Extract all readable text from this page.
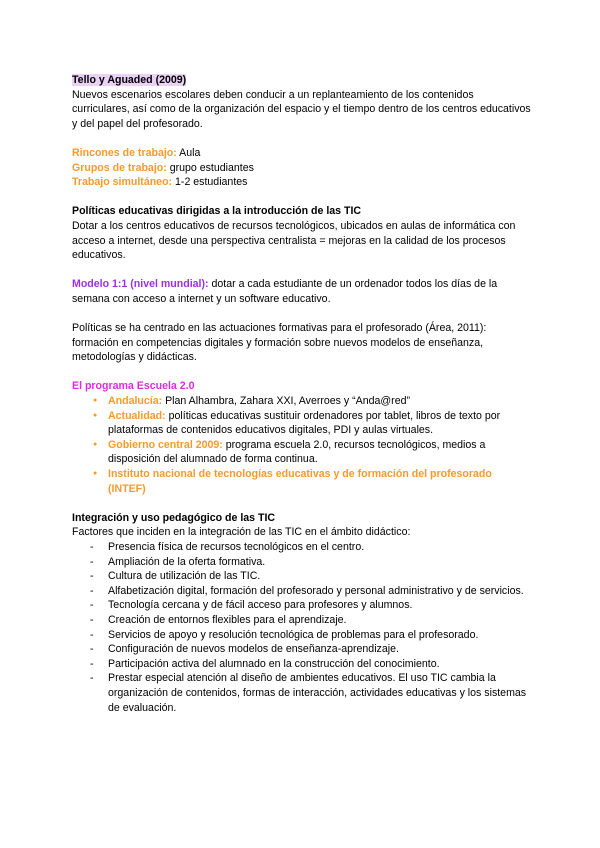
Tello y Aguaded (2009)
Nuevos escenarios escolares deben conducir a un replanteamiento de los contenidos curriculares, así como de la organización del espacio y el tiempo dentro de los centros educativos y del papel del profesorado.

Rincones de trabajo: Aula

Grupos de trabajo: grupo estudiantes

Trabajo simultáneo: 1-2 estudiantes

Políticas educativas dirigidas a la introducción de las TIC
Dotar a los centros educativos de recursos tecnológicos, ubicados en aulas de informática con acceso a internet, desde una perspectiva centralista = mejoras en la calidad de los procesos educativos.

Modelo 1:1 (nivel mundial): dotar a cada estudiante de un ordenador todos los días de la semana con acceso a internet y un software educativo.

Políticas se ha centrado en las actuaciones formativas para el profesorado (Área, 2011): formación en competencias digitales y formación sobre nuevos modelos de enseñanza, metodologías y didácticas.

El programa Escuela 2.0

● Andalucía: Plan Alhambra, Zahara XXI, Averroes y “Anda@red”
● Actualidad: políticas educativas sustituir ordenadores por tablet, libros de texto por plataformas de contenidos educativos digitales, PDI y aulas virtuales.
● Gobierno central 2009: programa escuela 2.0, recursos tecnológicos, medios a disposición del alumnado de forma continua.
● Instituto nacional de tecnologías educativas y de formación del profesorado (INTEF)

Integración y uso pedagógico de las TIC
Factores que inciden en la integración de las TIC en el ámbito didáctico:

- Presencia física de recursos tecnológicos en el centro.
- Ampliación de la oferta formativa.
- Cultura de utilización de las TIC.
- Alfabetización digital, formación del profesorado y personal administrativo y de servicios.
- Tecnología cercana y de fácil acceso para profesores y alumnos.
- Creación de entornos flexibles para el aprendizaje.
- Servicios de apoyo y resolución tecnológica de problemas para el profesorado.
- Configuración de nuevos modelos de enseñanza-aprendizaje.
- Participación activa del alumnado en la construcción del conocimiento.
- Prestar especial atención al diseño de ambientes educativos. El uso TIC cambia la organización de contenidos, formas de interacción, actividades educativas y los sistemas de evaluación.
